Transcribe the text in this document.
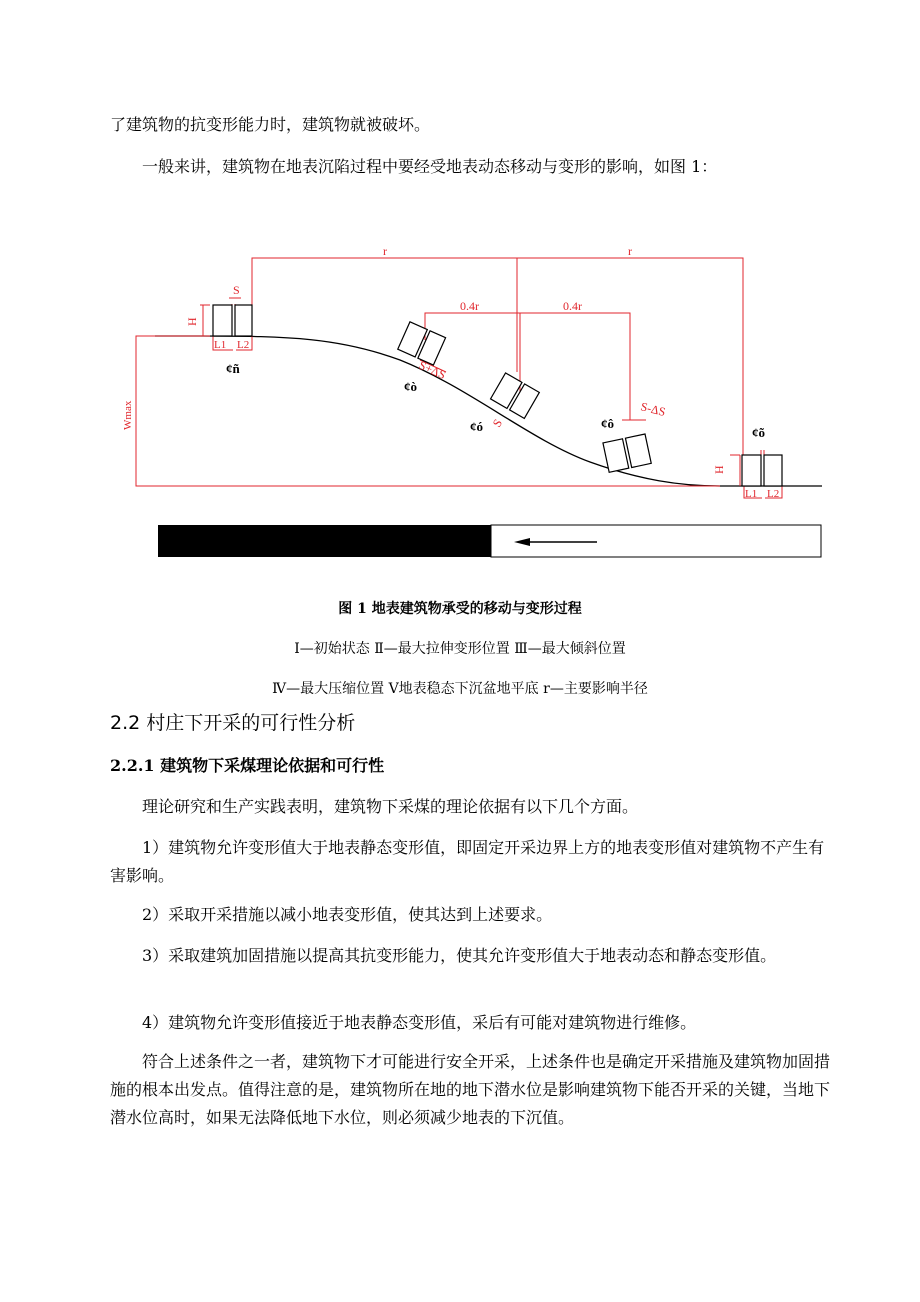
了建筑物的抗变形能力时，建筑物就被破坏。

一般来讲，建筑物在地表沉陷过程中要经受地表动态移动与变形的影响，如图 1：

r	r
0.4r	0.4r
S
H
L1 L2
S+ΔS
S
S-ΔS
Wmax
H
L1 L2
¢ñ
¢ò
¢ó	¢ô
¢õ

图 1 地表建筑物承受的移动与变形过程

Ⅰ—初始状态 Ⅱ—最大拉伸变形位置 Ⅲ—最大倾斜位置

Ⅳ—最大压缩位置 Ⅴ地表稳态下沉盆地平底 r—主要影响半径

2.2 村庄下开采的可行性分析
2.2.1 建筑物下采煤理论依据和可行性

理论研究和生产实践表明，建筑物下采煤的理论依据有以下几个方面。

1）建筑物允许变形值大于地表静态变形值，即固定开采边界上方的地表变形值对建筑物不产生有害影响。

2）采取开采措施以减小地表变形值，使其达到上述要求。

3）采取建筑加固措施以提高其抗变形能力，使其允许变形值大于地表动态和静态变形值。

4）建筑物允许变形值接近于地表静态变形值，采后有可能对建筑物进行维修。

符合上述条件之一者，建筑物下才可能进行安全开采，上述条件也是确定开采措施及建筑物加固措施的根本出发点。值得注意的是，建筑物所在地的地下潜水位是影响建筑物下能否开采的关键，当地下潜水位高时，如果无法降低地下水位，则必须减少地表的下沉值。
